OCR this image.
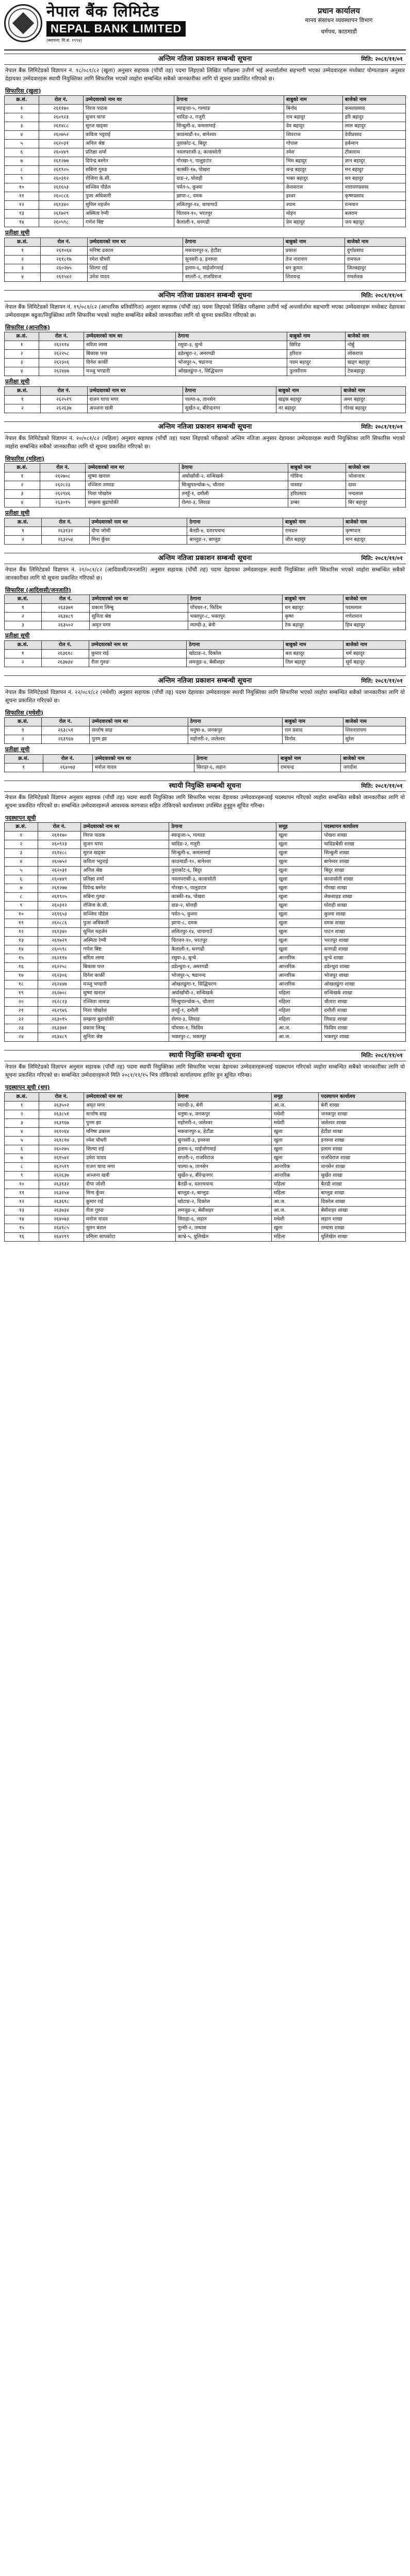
नेपाल बैंक लिमिटेड
NEPAL BANK LIMITED
(स्थापना: वि.सं. १९९४)
प्रधान कार्यालय
मानव संसाधन व्यवस्थापन विभाग
धर्मपथ, काठमाडौं
अन्तिम नतिजा प्रकाशन सम्बन्धी सूचना	मिति: २०८१/११/०१

नेपाल बैंक लिमिटेडको विज्ञापन नं. १८/०८१/८२ (खुला) अनुसार सहायक (पाँचौं तह) पदमा लिइएको लिखित परीक्षामा उत्तीर्ण भई अन्तर्वार्तामा सहभागी भएका उम्मेदवारहरू मध्येबाट योग्यताक्रम अनुसार देहायका उम्मेदवारहरू स्थायी नियुक्तिका लागि सिफारिस भएको व्यहोरा सम्बन्धित सबैको जानकारीका लागि यो सूचना प्रकाशित गरिएको छ।

सिफारिस (खुला)
क्र.सं.	रोल नं.	उम्मेदवारको नाम थर	ठेगाना	बाबुको नाम	बाजेको नाम
१	२६११७०	निरज पाठक	स्याङ्जा-५, गल्याङ	बिनोद	कमलप्रसाद
२	२६०९२३	सुजन थापा	धादिङ-२, गजुरी	राम बहादुर	हरि बहादुर
३	२६१४८८	सुरज खड्का	सिन्धुली-४, कमलामाई	देव बहादुर	लाल बहादुर
४	२६०७५२	कविता भट्टराई	काठमाडौं-१०, बानेश्वर	शिवराज	देवीप्रसाद
५	२६२०३१	अनिल श्रेष्ठ	नुवाकोट-६, बिदुर	गोपाल	हर्कमान
६	२६०४४९	प्रतिक्षा शर्मा	नवलपरासी-३, कावासोती	रमेश	टीकाराम
७	२६१२७७	दिपेन्द्र बस्नेत	गोरखा-९, पालुङटार	भिम बहादुर	ज्ञान बहादुर
८	२६१९०५	सबिना गुरुङ	कास्की-१७, पोखरा	चन्द्र बहादुर	मन बहादुर
९	२६०३१२	रोजिना के.सी.	दाङ-२, घोराही	भक्त बहादुर	धन बहादुर
१०	२६१६५३	सञ्जिव पौडेल	पर्वत-५, कुश्मा	केशवराज	नारायणप्रसाद
११	२६०८८६	पुजा अधिकारी	झापा-८, दमक	इश्वर	कृष्णप्रसाद
१२	२६१३४०	सुनिल महर्जन	ललितपुर-१४, चापागाउँ	श्याम	रत्नमान
१३	२६१७२९	अस्मिता रेग्मी	चितवन-१०, भरतपुर	मोहन	बलराम
१४	२६०५९८	गणेश बिष्ट	कैलाली-१, धनगढी	प्रेम बहादुर	जय बहादुर
प्रतीक्षा सूची
क्र.सं.	रोल नं.	उम्मेदवारको नाम थर	ठेगाना	बाबुको नाम	बाजेको नाम
१	२६१०६४	मनिषा ढकाल	मकवानपुर-४, हेटौंडा	प्रकाश	दुर्गाप्रसाद
२	२६१८१७	रमेश चौधरी	सुनसरी-३, इनरुवा	तेज नारायण	रामफल
३	२६०२७५	शिल्पा राई	इलाम-६, माईजोगमाई	धन कुमार	जितबहादुर
४	२६१५४२	उमेश यादव	सप्तरी-२, राजविराज	शिवचन्द्र	रामसेवक
अन्तिम नतिजा प्रकाशन सम्बन्धी सूचना	मिति: २०८१/११/०१

नेपाल बैंक लिमिटेडको विज्ञापन नं. १९/०८१/८२ (आन्तरिक प्रतियोगिता) अनुसार सहायक (पाँचौं तह) पदमा लिइएको लिखित परीक्षामा उत्तीर्ण भई अन्तर्वार्तामा सहभागी भएका उम्मेदवारहरू मध्येबाट देहायका उम्मेदवारहरू बढुवा/नियुक्तिका लागि सिफारिस भएको व्यहोरा सम्बन्धित सबैको जानकारीका लागि यो सूचना प्रकाशित गरिएको छ।

सिफारिस (आन्तरिक)
क्र.सं.	रोल नं.	उम्मेदवारको नाम थर	ठेगाना	बाबुको नाम	बाजेको नाम
१	२६२११४	सरिता लामा	रसुवा-३, धुन्चे	छिरिङ	नोर्बु
२	२६२२५८	बिकास पन्त	डडेल्धुरा-२, अमरगढी	हरिदत्त	लोकराज
३	२६२३०६	दिनेश कार्की	भोजपुर-५, षडानन्द	पदम बहादुर	खड्ग बहादुर
४	२६२४४७	मञ्जु भण्डारी	ओखलढुंगा-१, सिद्धिचरण	तुलसीराम	टेकबहादुर
प्रतीक्षा सूची
क्र.सं.	रोल नं.	उम्मेदवारको नाम थर	ठेगाना	बाबुको नाम	बाजेको नाम
१	२६२५१९	राजन थापा मगर	पाल्पा-७, तानसेन	खड्क बहादुर	अमर बहादुर
२	२६२६३७	अञ्जना खत्री	सुर्खेत-४, बीरेन्द्रनगर	नर बहादुर	गोरख बहादुर
अन्तिम नतिजा प्रकाशन सम्बन्धी सूचना	मिति: २०८१/११/०१

नेपाल बैंक लिमिटेडको विज्ञापन नं. २०/०८१/८२ (महिला) अनुसार सहायक (पाँचौं तह) पदमा लिइएको परीक्षाको अन्तिम नतिजा अनुसार देहायका उम्मेदवारहरू स्थायी नियुक्तिका लागि सिफारिस भएको व्यहोरा सम्बन्धित सबैको जानकारीका लागि यो सूचना प्रकाशित गरिएको छ।

सिफारिस (महिला)
क्र.सं.	रोल नं.	उम्मेदवारको नाम थर	ठेगाना	बाबुको नाम	बाजेको नाम
१	२६२७०८	सुष्मा खनाल	अर्घाखाँची-२, सन्धिखर्क	गोविन्द	भोलानाथ
२	२६२८२३	रञ्जिता तामाङ	सिन्धुपाल्चोक-५, चौतारा	पासाङ	दावा
३	२६२९४६	निशा पोखरेल	तनहुँ-१, दमौली	हरिप्रसाद	नन्दलाल
४	२६३०१५	सम्झना बुढाथोकी	रोल्पा-३, लिवाङ	डम्बर	बिर बहादुर
प्रतीक्षा सूची
क्र.सं.	रोल नं.	उम्मेदवारको नाम थर	ठेगाना	बाबुको नाम	बाजेको नाम
१	२६३१३२	दीपा जोशी	बैतडी-४, दशरथचन्द	रामदत्त	कृष्णदत्त
२	२६३२५४	मिना कुँवर	बाग्लुङ-२, बाग्लुङ	जीत बहादुर	मान बहादुर
अन्तिम नतिजा प्रकाशन सम्बन्धी सूचना	मिति: २०८१/११/०१

नेपाल बैंक लिमिटेडको विज्ञापन नं. २१/०८१/८२ (आदिवासी/जनजाति) अनुसार सहायक (पाँचौं तह) पदमा देहायका उम्मेदवारहरू स्थायी नियुक्तिका लागि सिफारिस भएको व्यहोरा सम्बन्धित सबैको जानकारीका लागि यो सूचना प्रकाशित गरिएको छ।

सिफारिस (आदिवासी/जनजाति)
क्र.सं.	रोल नं.	उम्मेदवारको नाम थर	ठेगाना	बाबुको नाम	बाजेको नाम
१	२६३३७१	प्रकाश लिम्बु	पाँचथर-१, फिदिम	धन बहादुर	पदमलाल
२	२६३४८९	सुनिता श्रेष्ठ	भक्तपुर-८, भक्तपुर	कृष्ण	गणेशमान
३	२६३५०२	अमृत मगर	म्याग्दी-३, बेनी	टेक बहादुर	हिम बहादुर
प्रतीक्षा सूची
क्र.सं.	रोल नं.	उम्मेदवारको नाम थर	ठेगाना	बाबुको नाम	बाजेको नाम
१	२६३६१८	कुमार राई	खोटाङ-२, दिक्तेल	बल बहादुर	धर्म बहादुर
२	२६३७३४	रीता गुरुङ	लमजुङ-४, बेंसीशहर	तिल बहादुर	सुर्य बहादुर
अन्तिम नतिजा प्रकाशन सम्बन्धी सूचना	मिति: २०८१/११/०१

नेपाल बैंक लिमिटेडको विज्ञापन नं. २२/०८१/८२ (मधेशी) अनुसार सहायक (पाँचौं तह) पदमा देहायका उम्मेदवारहरू स्थायी नियुक्तिका लागि सिफारिस भएको व्यहोरा सम्बन्धित सबैको जानकारीका लागि यो सूचना प्रकाशित गरिएको छ।

सिफारिस (मधेशी)
क्र.सं.	रोल नं.	उम्मेदवारको नाम थर	ठेगाना	बाबुको नाम	बाजेको नाम
१	२६३८५१	सन्तोष साह	धनुषा-४, जनकपुर	राम प्रसाद	शिवनारायण
२	२६३९६७	पुनम झा	महोत्तरी-२, जलेश्वर	विनोद	सुरेश
प्रतीक्षा सूची
क्र.सं.	रोल नं.	उम्मेदवारको नाम थर	ठेगाना	बाबुको नाम	बाजेको नाम
१	२६४०७३	मनोज यादव	सिराहा-६, लहान	रामचन्द्र	जगदीश
स्थायी नियुक्ति सम्बन्धी सूचना	मिति: २०८१/११/०१

नेपाल बैंक लिमिटेडको विज्ञापन अनुसार सहायक (पाँचौं तह) पदमा स्थायी नियुक्तिका लागि सिफारिस भएका देहायका उम्मेदवारहरूलाई पदस्थापन गरिएको व्यहोरा सम्बन्धित सबैको जानकारीका लागि यो सूचना प्रकाशित गरिएको छ। सम्बन्धित उम्मेदवारहरूले आवश्यक कागजात सहित तोकिएको कार्यालयमा उपस्थित हुनुहुन सूचित गरिन्छ।

पदस्थापन सूची
क्र.सं.	रोल नं.	उम्मेदवारको नाम थर	ठेगाना	समूह	पदस्थापन कार्यालय
१	२६११७०	निरज पाठक	स्याङ्जा-५, गल्याङ	खुला	पोखरा शाखा
२	२६०९२३	सुजन थापा	धादिङ-२, गजुरी	खुला	धादिङबेंसी शाखा
३	२६१४८८	सुरज खड्का	सिन्धुली-४, कमलामाई	खुला	सिन्धुली शाखा
४	२६०७५२	कविता भट्टराई	काठमाडौं-१०, बानेश्वर	खुला	बानेश्वर शाखा
५	२६२०३१	अनिल श्रेष्ठ	नुवाकोट-६, बिदुर	खुला	बिदुर शाखा
६	२६०४४९	प्रतिक्षा शर्मा	नवलपरासी-३, कावासोती	खुला	कावासोती शाखा
७	२६१२७७	दिपेन्द्र बस्नेत	गोरखा-९, पालुङटार	खुला	गोरखा शाखा
८	२६१९०५	सबिना गुरुङ	कास्की-१७, पोखरा	खुला	लेकसाइड शाखा
९	२६०३१२	रोजिना के.सी.	दाङ-२, घोराही	खुला	घोराही शाखा
१०	२६१६५३	सञ्जिव पौडेल	पर्वत-५, कुश्मा	खुला	कुश्मा शाखा
११	२६०८८६	पुजा अधिकारी	झापा-८, दमक	खुला	दमक शाखा
१२	२६१३४०	सुनिल महर्जन	ललितपुर-१४, चापागाउँ	खुला	पाटन शाखा
१३	२६१७२९	अस्मिता रेग्मी	चितवन-१०, भरतपुर	खुला	भरतपुर शाखा
१४	२६०५९८	गणेश बिष्ट	कैलाली-१, धनगढी	खुला	धनगढी शाखा
१५	२६२११४	सरिता लामा	रसुवा-३, धुन्चे	आन्तरिक	धुन्चे शाखा
१६	२६२२५८	बिकास पन्त	डडेल्धुरा-२, अमरगढी	आन्तरिक	डडेल्धुरा शाखा
१७	२६२३०६	दिनेश कार्की	भोजपुर-५, षडानन्द	आन्तरिक	भोजपुर शाखा
१८	२६२४४७	मञ्जु भण्डारी	ओखलढुंगा-१, सिद्धिचरण	आन्तरिक	ओखलढुंगा शाखा
१९	२६२७०८	सुष्मा खनाल	अर्घाखाँची-२, सन्धिखर्क	महिला	सन्धिखर्क शाखा
२०	२६२८२३	रञ्जिता तामाङ	सिन्धुपाल्चोक-५, चौतारा	महिला	चौतारा शाखा
२१	२६२९४६	निशा पोखरेल	तनहुँ-१, दमौली	महिला	दमौली शाखा
२२	२६३०१५	सम्झना बुढाथोकी	रोल्पा-३, लिवाङ	महिला	लिवाङ शाखा
२३	२६३३७१	प्रकाश लिम्बु	पाँचथर-१, फिदिम	आ.ज.	फिदिम शाखा
२४	२६३४८९	सुनिता श्रेष्ठ	भक्तपुर-८, भक्तपुर	आ.ज.	भक्तपुर शाखा
स्थायी नियुक्ति सम्बन्धी सूचना	मिति: २०८१/११/०१

नेपाल बैंक लिमिटेडको विज्ञापन अनुसार सहायक (पाँचौं तह) पदमा स्थायी नियुक्तिका लागि सिफारिस भएका देहायका उम्मेदवारहरूलाई पदस्थापन गरिएको व्यहोरा सम्बन्धित सबैको जानकारीका लागि यो सूचना प्रकाशित गरिएको छ। सम्बन्धित उम्मेदवारहरूले मिति २०८१/११/१५ भित्र तोकिएको कार्यालयमा हाजिर हुन सूचित गरिन्छ।

पदस्थापन सूची (थप)
क्र.सं.	रोल नं.	उम्मेदवारको नाम थर	ठेगाना	समूह	पदस्थापन कार्यालय
१	२६३५०२	अमृत मगर	म्याग्दी-३, बेनी	आ.ज.	बेनी शाखा
२	२६३८५१	सन्तोष साह	धनुषा-४, जनकपुर	मधेशी	जनकपुर शाखा
३	२६३९६७	पुनम झा	महोत्तरी-२, जलेश्वर	मधेशी	जलेश्वर शाखा
४	२६१०६४	मनिषा ढकाल	मकवानपुर-४, हेटौंडा	खुला	हेटौंडा शाखा
५	२६१८१७	रमेश चौधरी	सुनसरी-३, इनरुवा	खुला	इनरुवा शाखा
६	२६०२७५	शिल्पा राई	इलाम-६, माईजोगमाई	खुला	इलाम शाखा
७	२६१५४२	उमेश यादव	सप्तरी-२, राजविराज	खुला	राजविराज शाखा
८	२६२५१९	राजन थापा मगर	पाल्पा-७, तानसेन	आन्तरिक	तानसेन शाखा
९	२६२६३७	अञ्जना खत्री	सुर्खेत-४, बीरेन्द्रनगर	आन्तरिक	सुर्खेत शाखा
१०	२६३१३२	दीपा जोशी	बैतडी-४, दशरथचन्द	महिला	बैतडी शाखा
११	२६३२५४	मिना कुँवर	बाग्लुङ-२, बाग्लुङ	महिला	बाग्लुङ शाखा
१२	२६३६१८	कुमार राई	खोटाङ-२, दिक्तेल	आ.ज.	दिक्तेल शाखा
१३	२६३७३४	रीता गुरुङ	लमजुङ-४, बेंसीशहर	आ.ज.	बेंसीशहर शाखा
१४	२६४०७३	मनोज यादव	सिराहा-६, लहान	मधेशी	लहान शाखा
१५	२६४१८५	सुमन बराल	गुल्मी-२, तम्घास	खुला	तम्घास शाखा
१६	२६४२९९	प्रमिला सापकोटा	काभ्रे-५, धुलिखेल	महिला	धुलिखेल शाखा
